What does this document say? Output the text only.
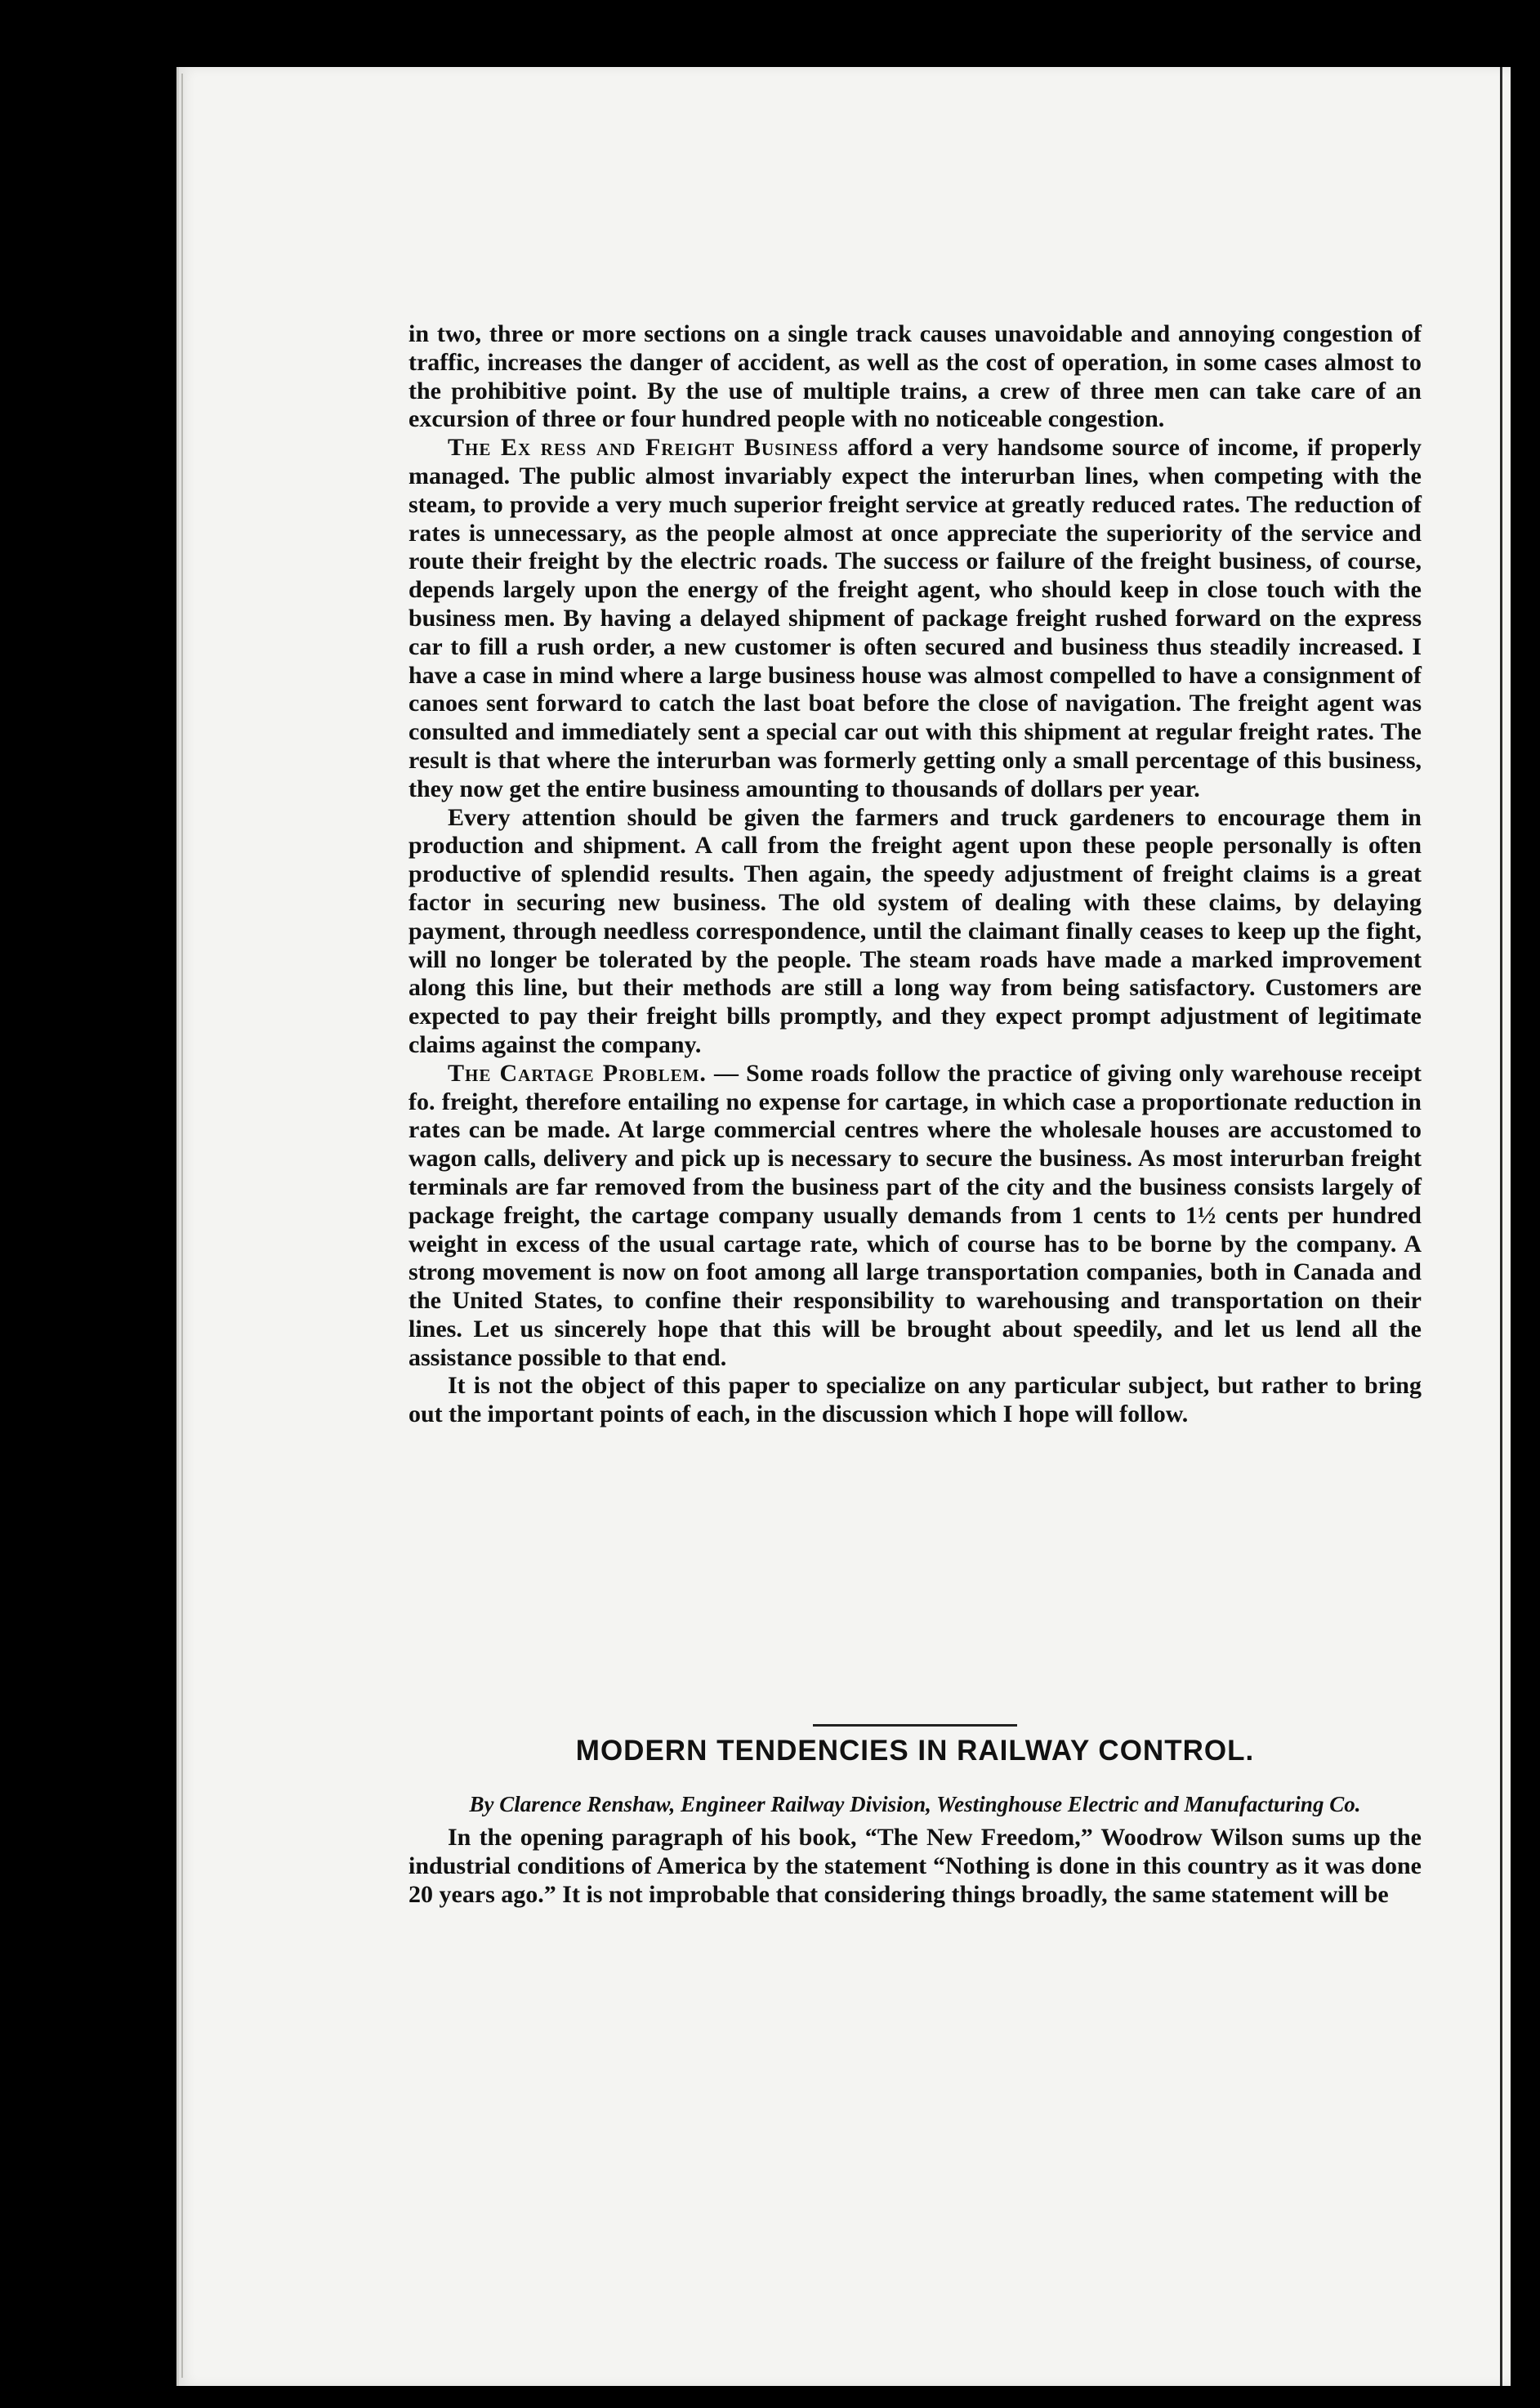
in two, three or more sections on a single track causes unavoidable and annoying congestion of traffic, increases the danger of accident, as well as the cost of operation, in some cases almost to the prohibitive point. By the use of multiple trains, a crew of three men can take care of an excursion of three or four hundred people with no noticeable congestion.

The Ex ress and Freight Business afford a very handsome source of income, if properly managed. The public almost invariably expect the interurban lines, when competing with the steam, to provide a very much superior freight service at greatly reduced rates. The reduction of rates is unnecessary, as the people almost at once appreciate the superiority of the service and route their freight by the electric roads. The success or failure of the freight business, of course, depends largely upon the energy of the freight agent, who should keep in close touch with the business men. By having a delayed shipment of package freight rushed forward on the express car to fill a rush order, a new customer is often secured and business thus steadily increased. I have a case in mind where a large business house was almost compelled to have a consignment of canoes sent forward to catch the last boat before the close of navigation. The freight agent was consulted and immediately sent a special car out with this shipment at regular freight rates. The result is that where the interurban was formerly getting only a small percentage of this business, they now get the entire business amounting to thousands of dollars per year.

Every attention should be given the farmers and truck gardeners to encourage them in production and shipment. A call from the freight agent upon these people personally is often productive of splendid results. Then again, the speedy adjustment of freight claims is a great factor in securing new business. The old system of dealing with these claims, by delaying payment, through needless correspondence, until the claimant finally ceases to keep up the fight, will no longer be tolerated by the people. The steam roads have made a marked improvement along this line, but their methods are still a long way from being satisfactory. Customers are expected to pay their freight bills promptly, and they expect prompt adjustment of legitimate claims against the company.

The Cartage Problem. — Some roads follow the practice of giving only warehouse receipt fo. freight, therefore entailing no expense for cartage, in which case a proportionate reduction in rates can be made. At large commercial centres where the wholesale houses are accustomed to wagon calls, delivery and pick up is necessary to secure the business. As most interurban freight terminals are far removed from the business part of the city and the business consists largely of package freight, the cartage company usually demands from 1 cents to 1½ cents per hundred weight in excess of the usual cartage rate, which of course has to be borne by the company. A strong movement is now on foot among all large transportation companies, both in Canada and the United States, to confine their responsibility to warehousing and transportation on their lines. Let us sincerely hope that this will be brought about speedily, and let us lend all the assistance possible to that end.

It is not the object of this paper to specialize on any particular subject, but rather to bring out the important points of each, in the discussion which I hope will follow.

MODERN TENDENCIES IN RAILWAY CONTROL.
By Clarence Renshaw, Engineer Railway Division, Westinghouse Electric and Manufacturing Co.

In the opening paragraph of his book, “The New Freedom,” Woodrow Wilson sums up the industrial conditions of America by the statement “Nothing is done in this country as it was done 20 years ago.” It is not improbable that considering things broadly, the same statement will be
